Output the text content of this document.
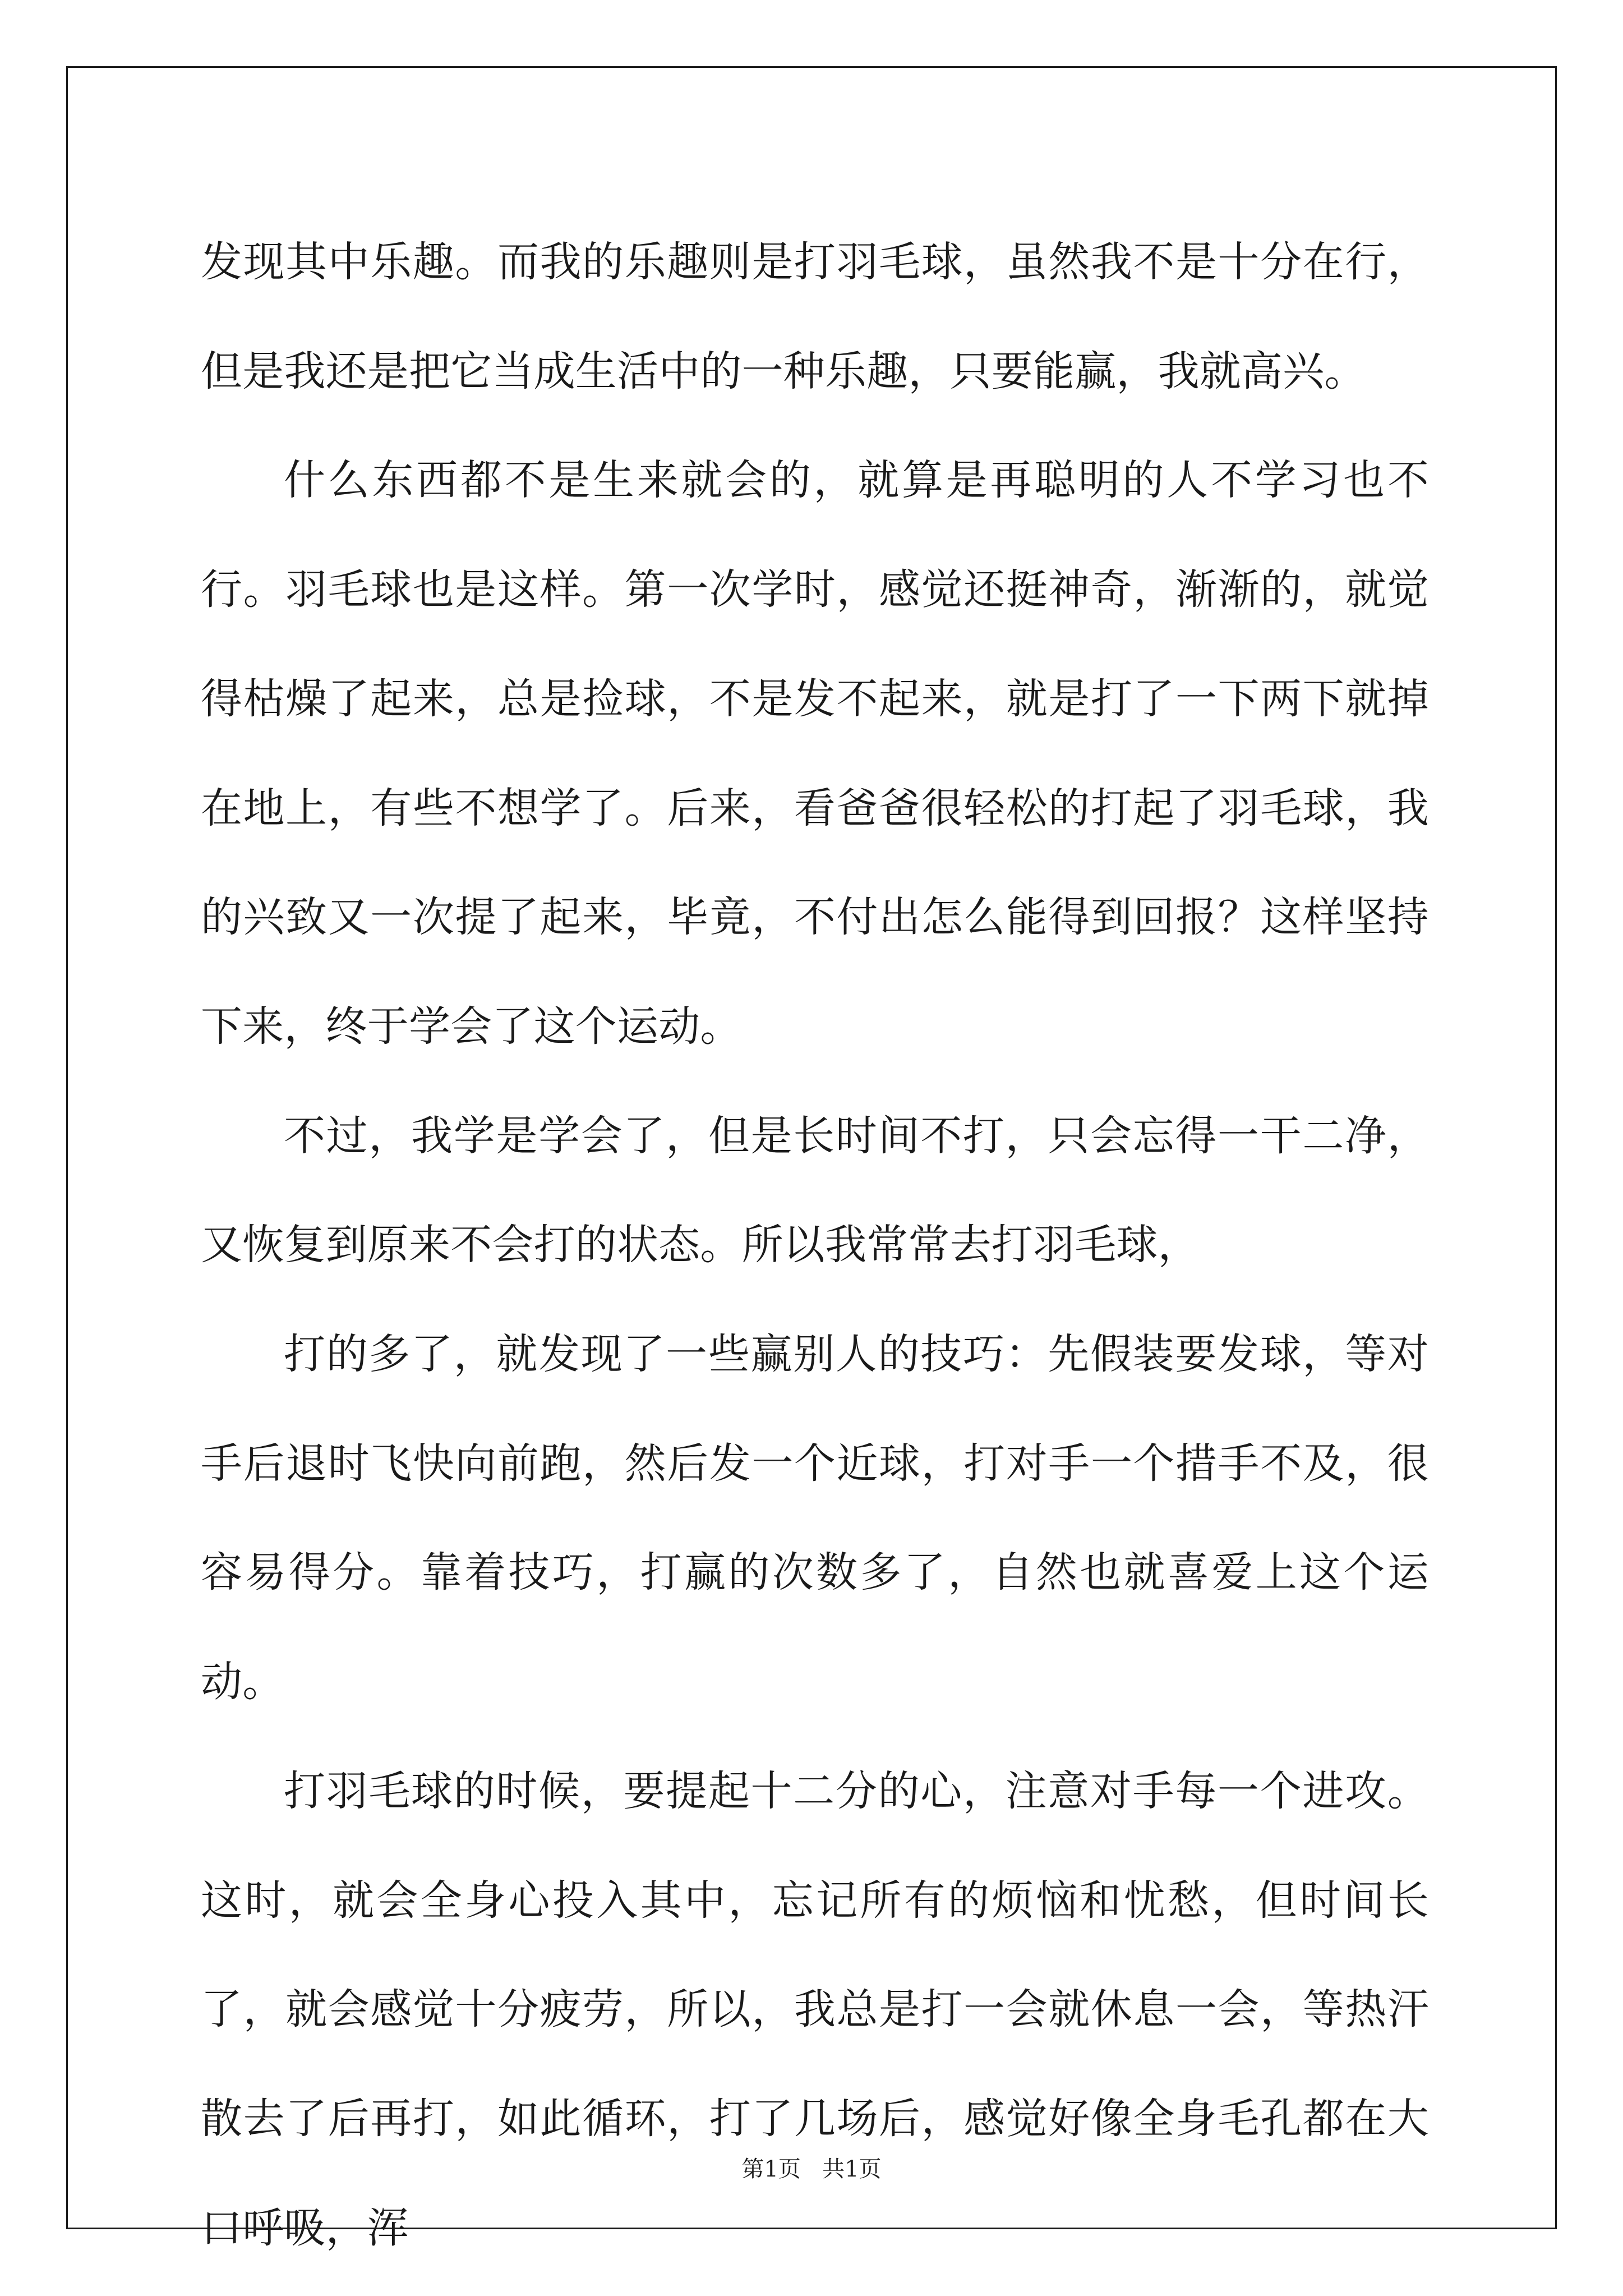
发现其中乐趣。而我的乐趣则是打羽毛球，虽然我不是十分在行，但是我还是把它当成生活中的一种乐趣，只要能赢，我就高兴。

什么东西都不是生来就会的，就算是再聪明的人不学习也不行。羽毛球也是这样。第一次学时，感觉还挺神奇，渐渐的，就觉得枯燥了起来，总是捡球，不是发不起来，就是打了一下两下就掉在地上，有些不想学了。后来，看爸爸很轻松的打起了羽毛球，我的兴致又一次提了起来，毕竟，不付出怎么能得到回报？这样坚持下来，终于学会了这个运动。

不过，我学是学会了，但是长时间不打，只会忘得一干二净，又恢复到原来不会打的状态。所以我常常去打羽毛球，

打的多了，就发现了一些赢别人的技巧：先假装要发球，等对手后退时飞快向前跑，然后发一个近球，打对手一个措手不及，很容易得分。靠着技巧，打赢的次数多了，自然也就喜爱上这个运动。

打羽毛球的时候，要提起十二分的心，注意对手每一个进攻。这时，就会全身心投入其中，忘记所有的烦恼和忧愁，但时间长了，就会感觉十分疲劳，所以，我总是打一会就休息一会，等热汗散去了后再打，如此循环，打了几场后，感觉好像全身毛孔都在大口呼吸，浑

第1页 共1页
